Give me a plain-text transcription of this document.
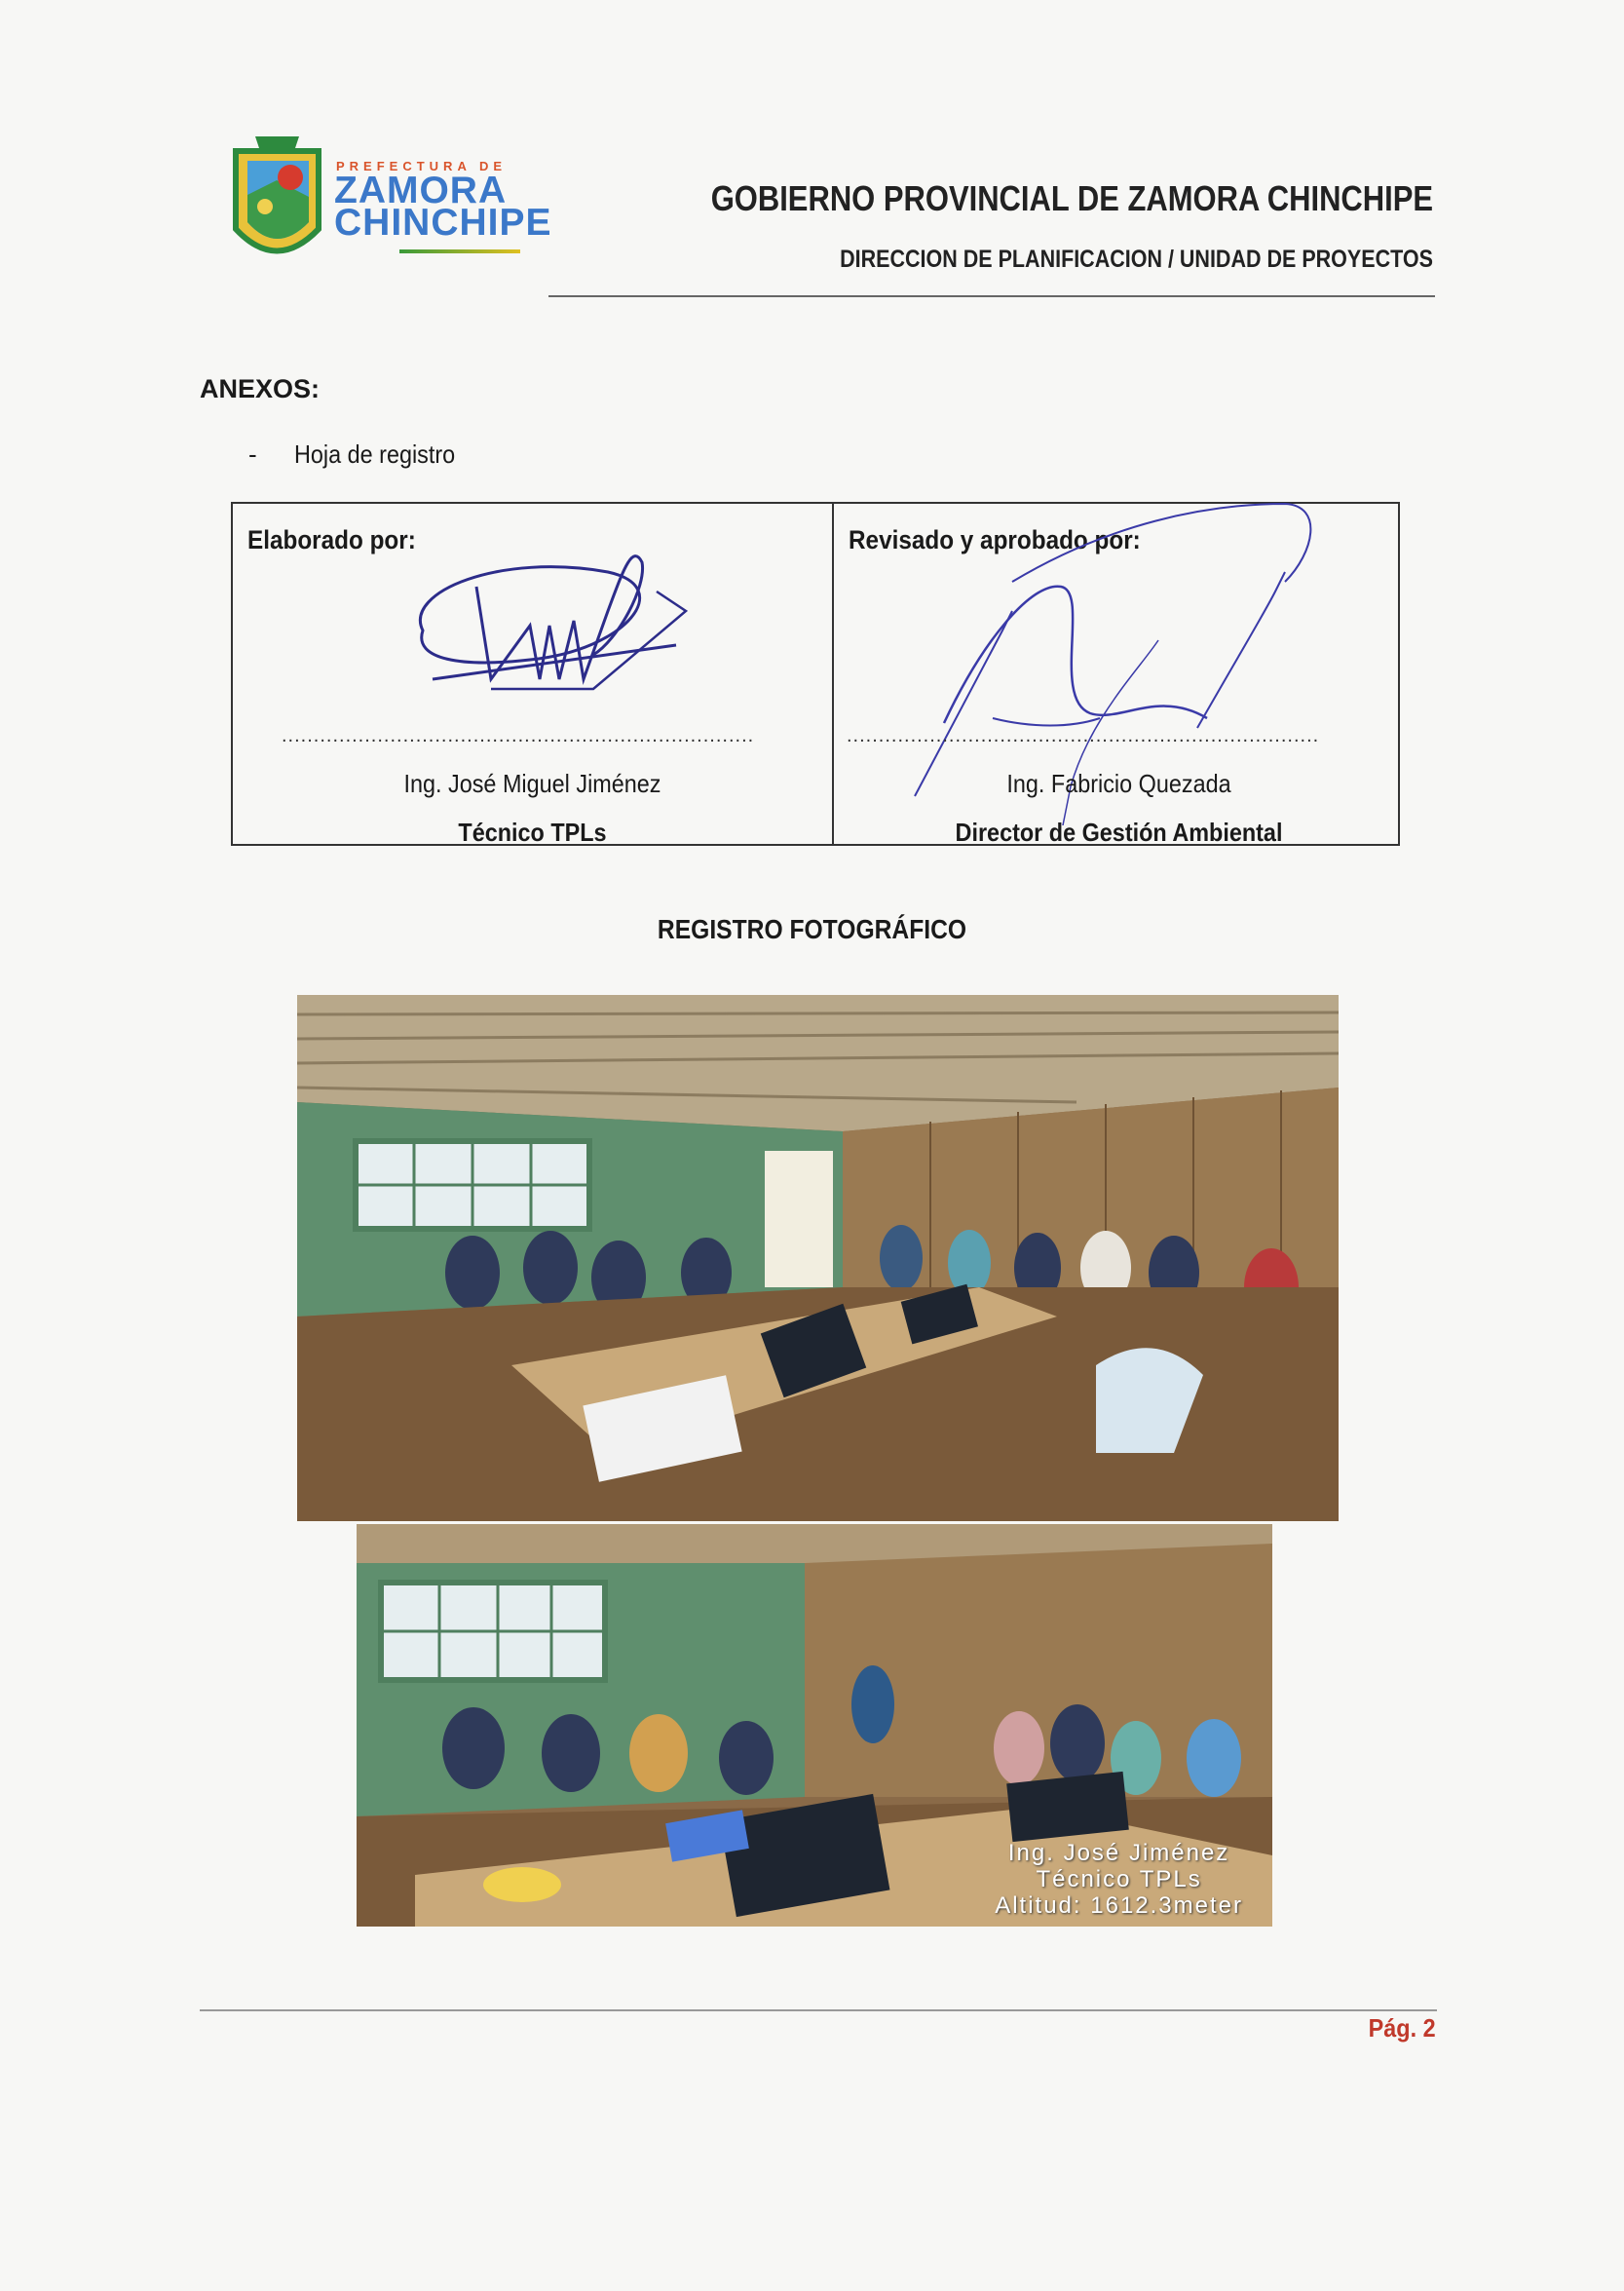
PREFECTURA DE
ZAMORA
CHINCHIPE
GOBIERNO PROVINCIAL DE ZAMORA CHINCHIPE
DIRECCION DE PLANIFICACION / UNIDAD DE PROYECTOS
ANEXOS:
- Hoja de registro
Elaborado por:
..........................................................................
Ing. José Miguel Jiménez
Técnico TPLs
Revisado y aprobado por:
..........................................................................
Ing. Fabricio Quezada
Director de Gestión Ambiental
REGISTRO FOTOGRÁFICO
Ing. José Jiménez
Técnico TPLs
Altitud: 1612.3meter
Pág. 2
